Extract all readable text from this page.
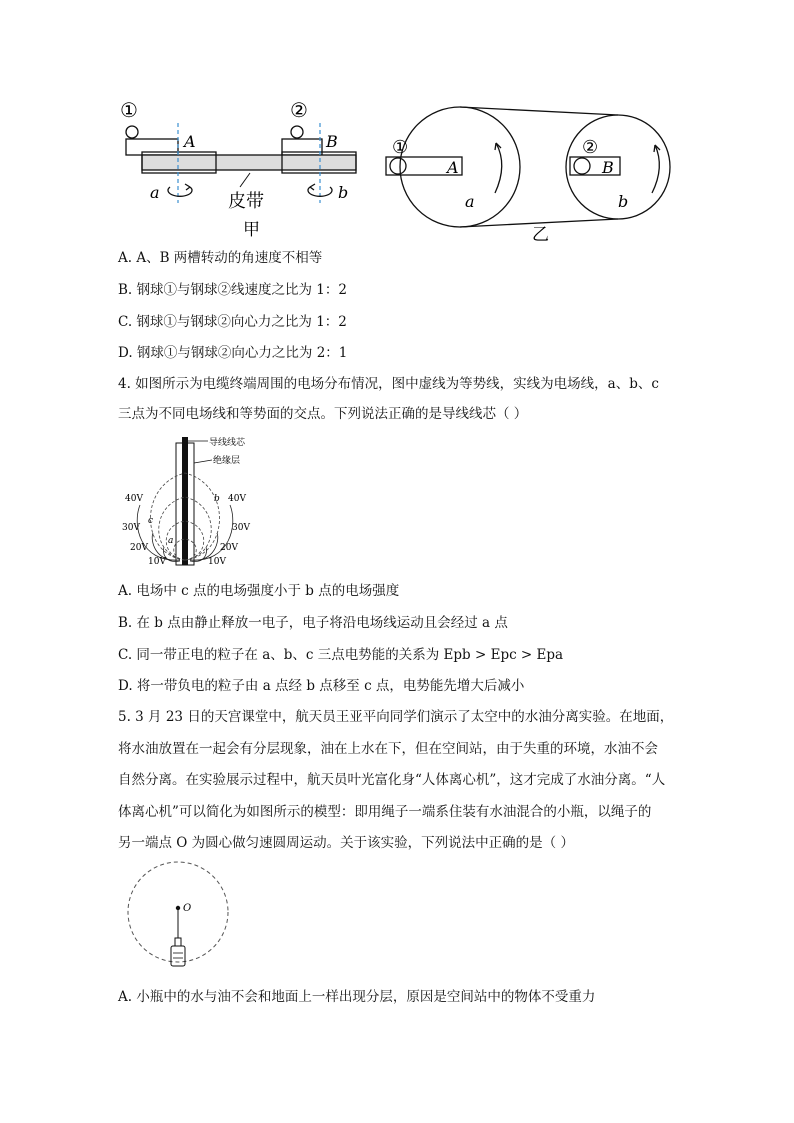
①	②
A	B
a	b
皮带
甲
①	②
A	B
a	b
乙
A. A、B 两槽转动的角速度不相等
B. 钢球①与钢球②线速度之比为 1：2
C. 钢球①与钢球②向心力之比为 1：2
D. 钢球①与钢球②向心力之比为 2：1
4. 如图所示为电缆终端周围的电场分布情况，图中虚线为等势线，实线为电场线，a、b、c
三点为不同电场线和等势面的交点。下列说法正确的是导线线芯（ ）
导线线芯
绝缘层
40V	40V
30V	30V
20V	20V
10V	10V
b
c
a
A. 电场中 c 点的电场强度小于 b 点的电场强度
B. 在 b 点由静止释放一电子，电子将沿电场线运动且会经过 a 点
C. 同一带正电的粒子在 a、b、c 三点电势能的关系为 Epb > Epc > Epa
D. 将一带负电的粒子由 a 点经 b 点移至 c 点，电势能先增大后减小
5. 3 月 23 日的天宫课堂中，航天员王亚平向同学们演示了太空中的水油分离实验。在地面，
将水油放置在一起会有分层现象，油在上水在下，但在空间站，由于失重的环境，水油不会
自然分离。在实验展示过程中，航天员叶光富化身“人体离心机”，这才完成了水油分离。“人
体离心机”可以简化为如图所示的模型：即用绳子一端系住装有水油混合的小瓶，以绳子的
另一端点 O 为圆心做匀速圆周运动。关于该实验，下列说法中正确的是（ ）
O
A. 小瓶中的水与油不会和地面上一样出现分层，原因是空间站中的物体不受重力
